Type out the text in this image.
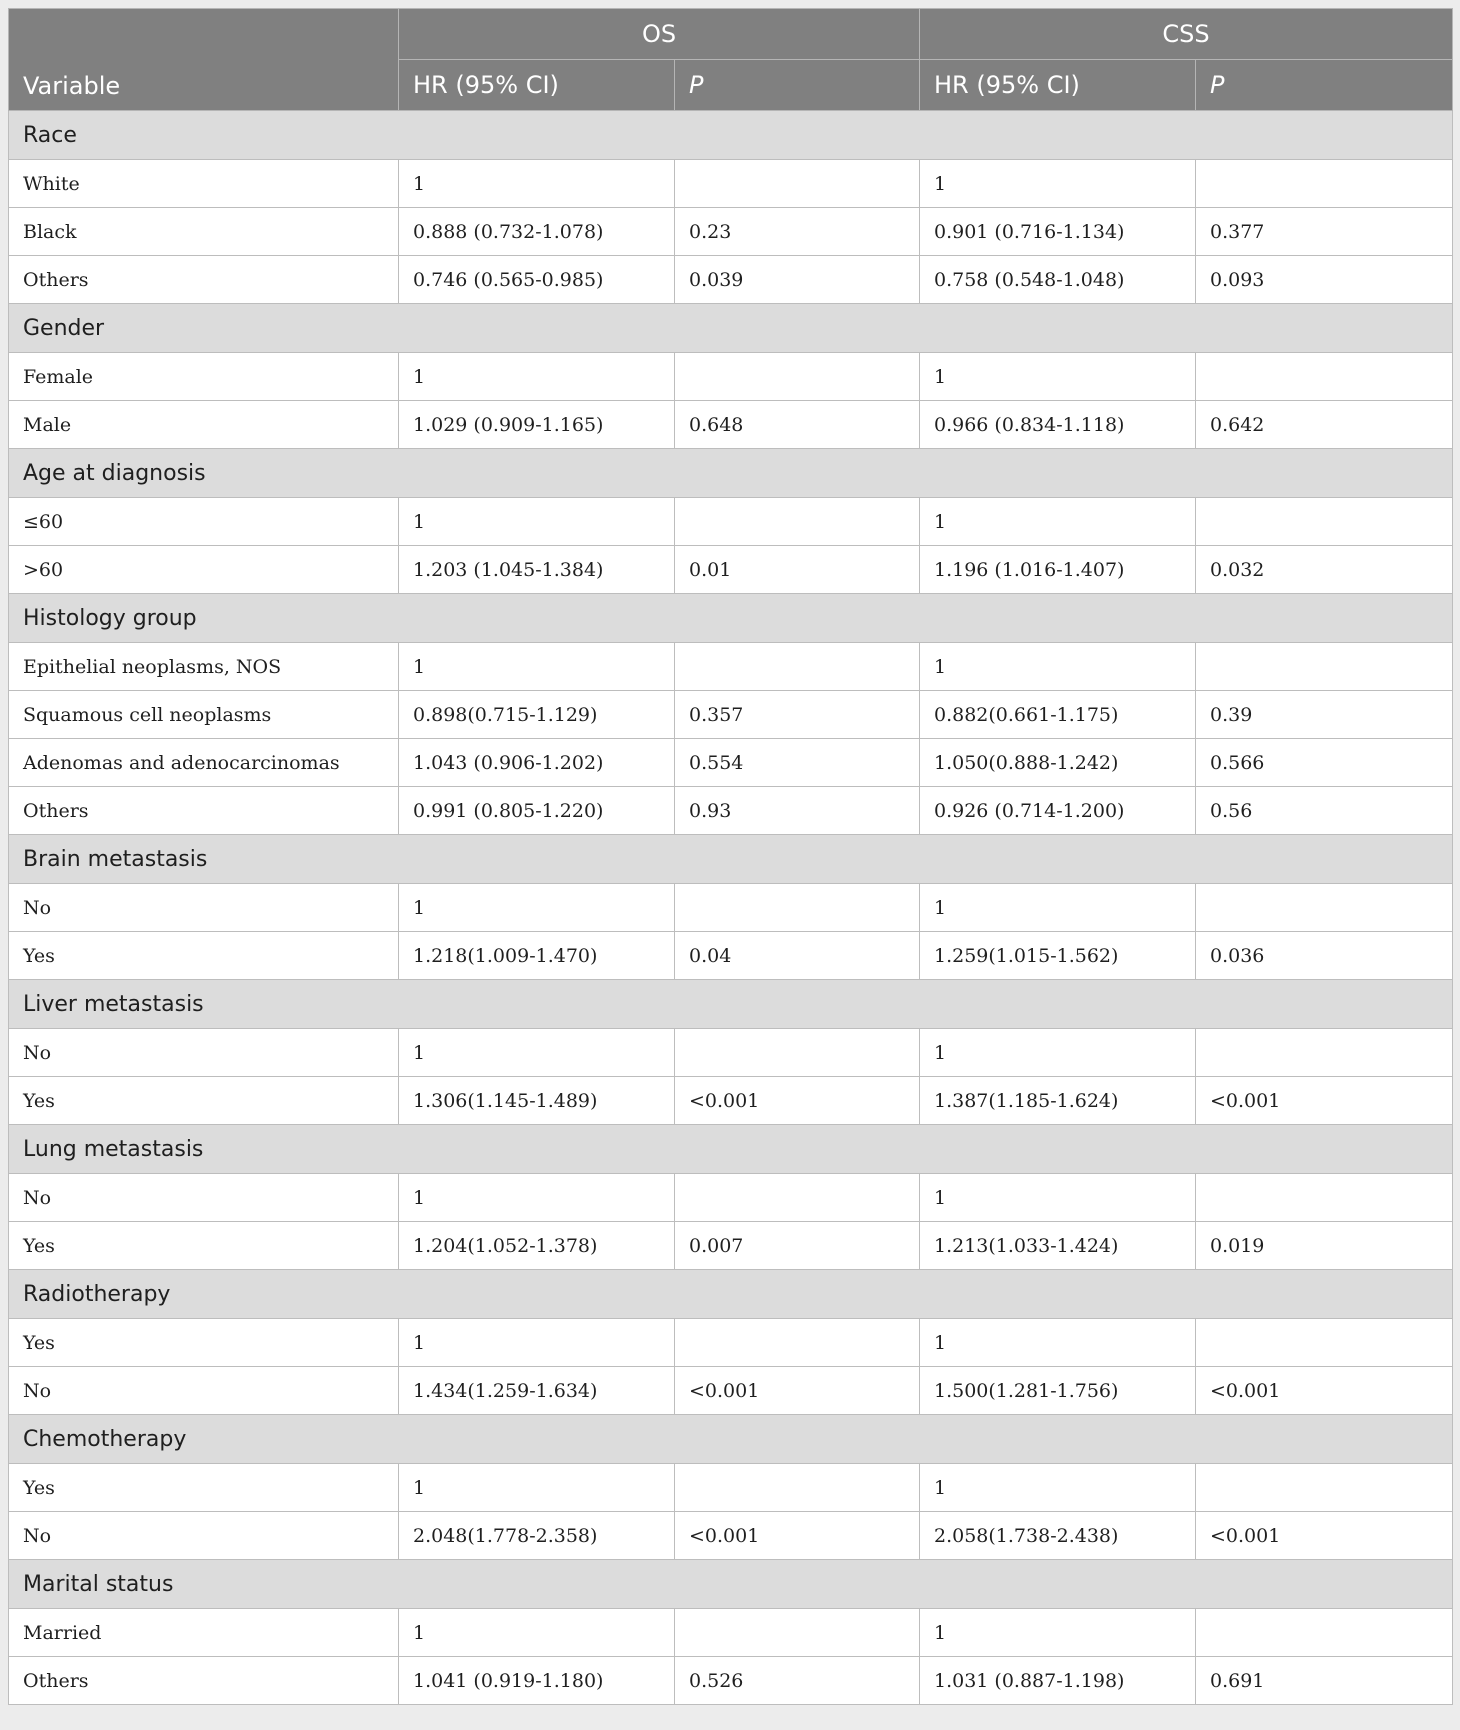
Variable	OS		CSS	
	HR (95% CI)	P	HR (95% CI)	P
Race				
White	1		1	
Black	0.888 (0.732-1.078)	0.23	0.901 (0.716-1.134)	0.377
Others	0.746 (0.565-0.985)	0.039	0.758 (0.548-1.048)	0.093
Gender				
Female	1		1	
Male	1.029 (0.909-1.165)	0.648	0.966 (0.834-1.118)	0.642
Age at diagnosis				
≤60	1		1	
>60	1.203 (1.045-1.384)	0.01	1.196 (1.016-1.407)	0.032
Histology group				
Epithelial neoplasms, NOS	1		1	
Squamous cell neoplasms	0.898(0.715-1.129)	0.357	0.882(0.661-1.175)	0.39
Adenomas and adenocarcinomas	1.043 (0.906-1.202)	0.554	1.050(0.888-1.242)	0.566
Others	0.991 (0.805-1.220)	0.93	0.926 (0.714-1.200)	0.56
Brain metastasis				
No	1		1	
Yes	1.218(1.009-1.470)	0.04	1.259(1.015-1.562)	0.036
Liver metastasis				
No	1		1	
Yes	1.306(1.145-1.489)	<0.001	1.387(1.185-1.624)	<0.001
Lung metastasis				
No	1		1	
Yes	1.204(1.052-1.378)	0.007	1.213(1.033-1.424)	0.019
Radiotherapy				
Yes	1		1	
No	1.434(1.259-1.634)	<0.001	1.500(1.281-1.756)	<0.001
Chemotherapy				
Yes	1		1	
No	2.048(1.778-2.358)	<0.001	2.058(1.738-2.438)	<0.001
Marital status				
Married	1		1	
Others	1.041 (0.919-1.180)	0.526	1.031 (0.887-1.198)	0.691
